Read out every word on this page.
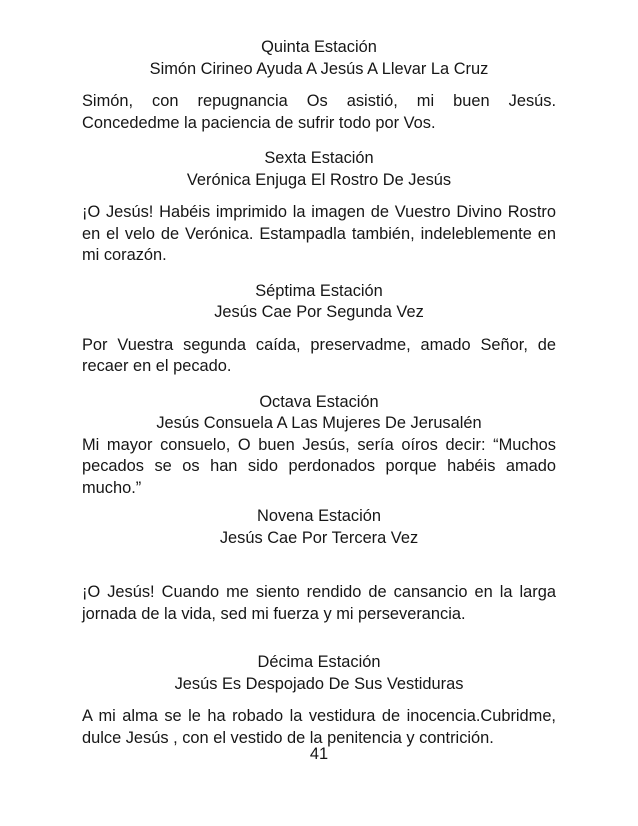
Quinta Estación

Simón Cirineo Ayuda A Jesús A Llevar La Cruz

Simón, con repugnancia Os asistió, mi buen Jesús. Concededme la paciencia de sufrir todo por Vos.

Sexta Estación

Verónica Enjuga El Rostro De Jesús

¡O Jesús! Habéis imprimido la imagen de Vuestro Divino Rostro en el velo de Verónica. Estampadla también, indeleblemente en mi corazón.

Séptima Estación

Jesús Cae Por Segunda Vez

Por Vuestra segunda caída, preservadme, amado Señor, de recaer en el pecado.

Octava Estación

Jesús Consuela A Las Mujeres De Jerusalén

Mi mayor consuelo, O buen Jesús, sería oíros decir: “Muchos pecados se os han sido perdonados porque habéis amado mucho.”

Novena Estación

Jesús Cae Por Tercera Vez

¡O Jesús! Cuando me siento rendido de cansancio en la larga jornada de la vida, sed mi fuerza y mi perseverancia.

Décima Estación

Jesús Es Despojado De Sus Vestiduras

A mi alma se le ha robado la vestidura de inocencia.Cubridme, dulce Jesús , con el vestido de la penitencia y contrición.

41
